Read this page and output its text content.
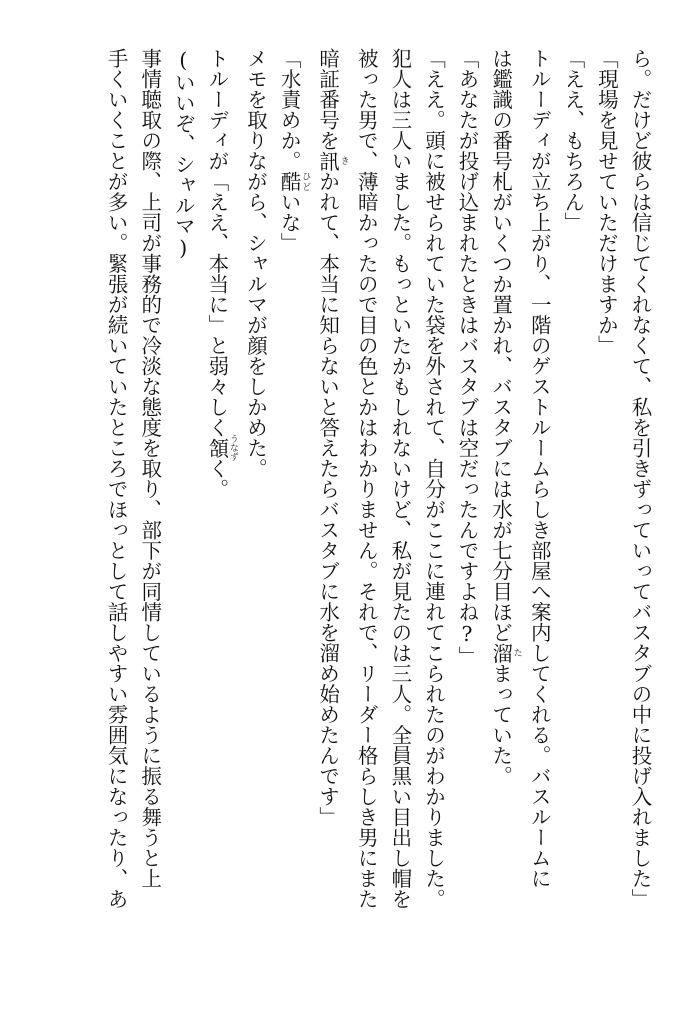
ら。だけど彼らは信じてくれなくて、私を引きずっていってバスタブの中に投げ入れました」

「現場を見せていただけますか」

「ええ、もちろん」

トルーディが立ち上がり、一階のゲストルームらしき部屋へ案内してくれる。バスルームに

は鑑識の番号札がいくつか置かれ、バスタブには水が七分目ほど溜 たまっていた。

「あなたが投げ込まれたときはバスタブは空だったんですよね?」

「ええ。頭に被せられていた袋を外されて、自分がここに連れてこられたのがわかりました。

犯人は三人いました。もっといたかもしれないけど、私が見たのは三人。全員黒い目出し帽を

被った男で、薄暗かったので目の色とかはわかりません。それで、リーダー格らしき男にまた

暗証番号を訊 きかれて、本当に知らないと答えたらバスタブに水を溜め始めたんです」

「水責めか。酷 ひどいな」

メモを取りながら、シャルマが顔をしかめた。

トルーディが「ええ、本当に」と弱々しく頷 うなずく。

(いいぞ、シャルマ)

事情聴取の際、上司が事務的で冷淡な態度を取り、部下が同情しているように振る舞うと上

手くいくことが多い。緊張が続いていたところでほっとして話しやすい雰囲気になったり、あ
